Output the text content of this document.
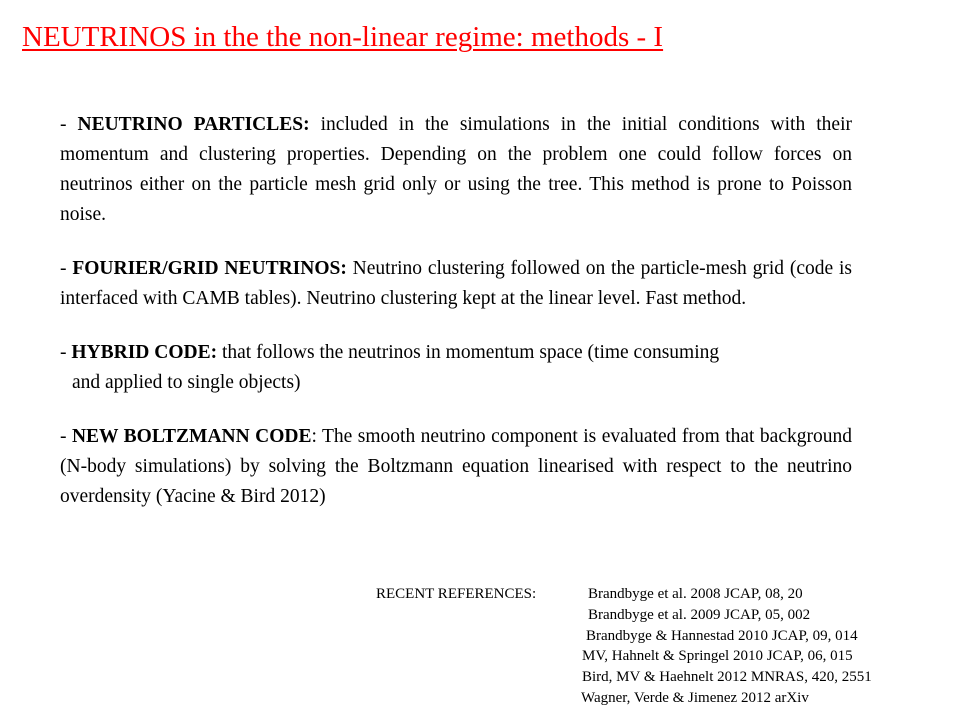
NEUTRINOS in the the non-linear regime: methods - I

- NEUTRINO PARTICLES: included in the simulations in the initial conditions with their momentum and clustering properties. Depending on the problem one could follow forces on neutrinos either on the particle mesh grid only or using the tree. This method is prone to Poisson noise.

- FOURIER/GRID NEUTRINOS: Neutrino clustering followed on the particle-mesh grid (code is interfaced with CAMB tables). Neutrino clustering kept at the linear level. Fast method.

- HYBRID CODE: that follows the neutrinos in momentum space (time consuming
and applied to single objects)

- NEW BOLTZMANN CODE: The smooth neutrino component is evaluated from that background (N-body simulations) by solving the Boltzmann equation linearised with respect to the neutrino overdensity (Yacine & Bird 2012)

RECENT REFERENCES:	Brandbyge et al. 2008 JCAP, 08, 20
Brandbyge et al. 2009 JCAP, 05, 002
Brandbyge & Hannestad 2010 JCAP, 09, 014
MV, Hahnelt & Springel 2010 JCAP, 06, 015
Bird, MV & Haehnelt 2012 MNRAS, 420, 2551
Wagner, Verde & Jimenez 2012 arXiv
